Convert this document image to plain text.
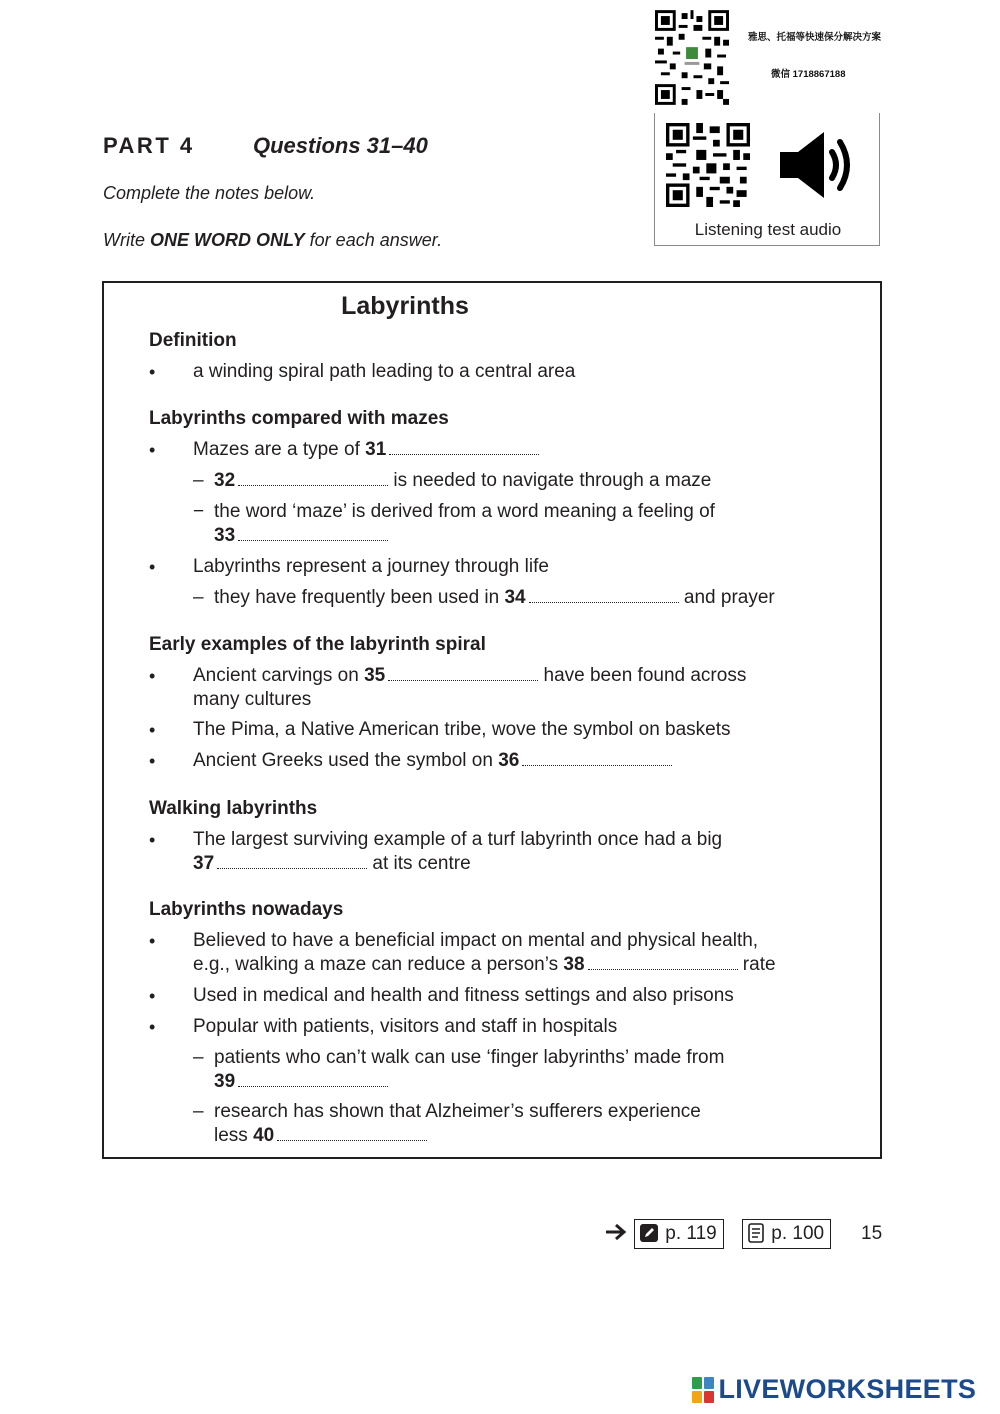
雅思、托福等快速保分解决方案
微信 1718867188
Listening test audio
PART 4	Questions 31–40
Complete the notes below.
Write ONE WORD ONLY for each answer.
Labyrinths
Definition
• a winding spiral path leading to a central area
Labyrinths compared with mazes
• Mazes are a type of 31
– 32	is needed to navigate through a maze
− the word ‘maze’ is derived from a word meaning a feeling of
33
• Labyrinths represent a journey through life
– they have frequently been used in 34	and prayer
Early examples of the labyrinth spiral
• Ancient carvings on 35	have been found across
many cultures
• The Pima, a Native American tribe, wove the symbol on baskets
• Ancient Greeks used the symbol on 36
Walking labyrinths
• The largest surviving example of a turf labyrinth once had a big
37	at its centre
Labyrinths nowadays
• Believed to have a beneficial impact on mental and physical health,
e.g., walking a maze can reduce a person’s 38	rate
• Used in medical and health and fitness settings and also prisons
• Popular with patients, visitors and staff in hospitals
– patients who can’t walk can use ‘finger labyrinths’ made from
39
– research has shown that Alzheimer’s sufferers experience
less 40
p. 119	p. 100	15
LIVEWORKSHEETS
